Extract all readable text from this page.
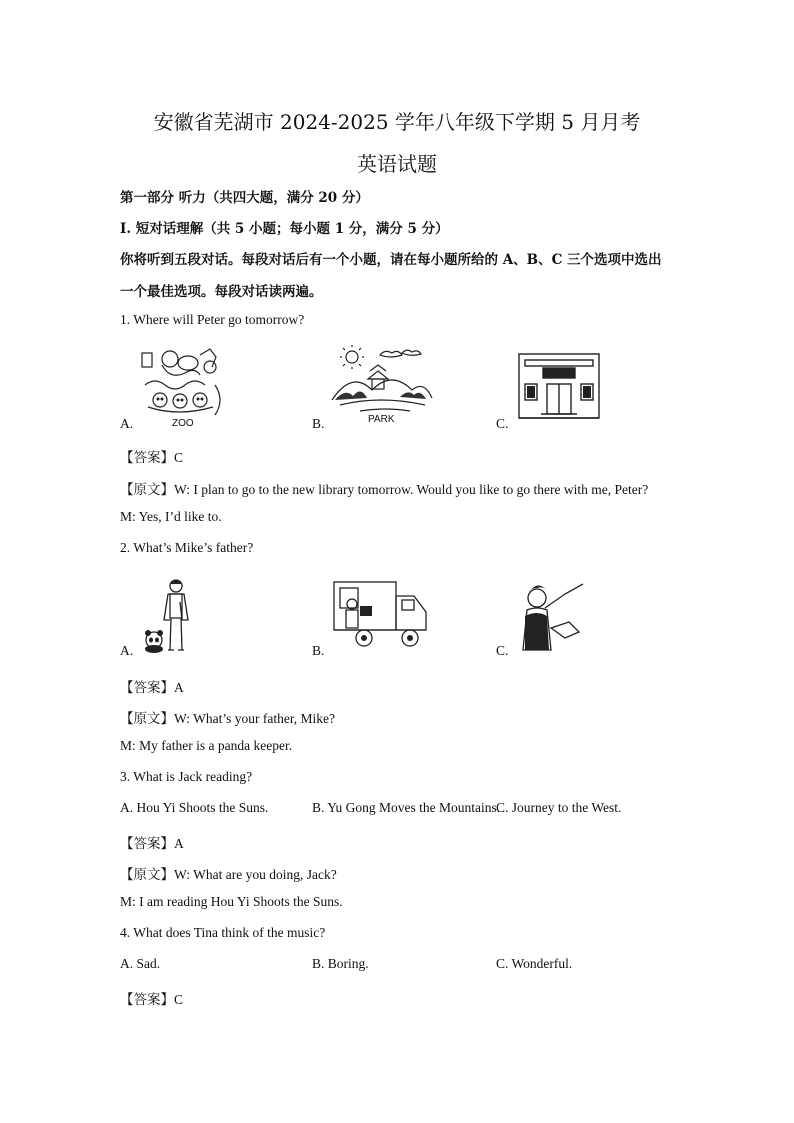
安徽省芜湖市 2024-2025 学年八年级下学期 5 月月考
英语试题
第一部分 听力（共四大题，满分 20 分）
I. 短对话理解（共 5 小题；每小题 1 分，满分 5 分）
你将听到五段对话。每段对话后有一个小题，请在每小题所给的 A、B、C 三个选项中选出
一个最佳选项。每段对话读两遍。
1. Where will Peter go tomorrow?
ZOO
A.	PARK
B.	C.
【答案】C
【原文】W: I plan to go to the new library tomorrow. Would you like to go there with me, Peter?
M: Yes, I’d like to.
2. What’s Mike’s father?
A.	B.	C.
【答案】A
【原文】W: What’s your father, Mike?
M: My father is a panda keeper.
3. What is Jack reading?
A. Hou Yi Shoots the Suns.	B. Yu Gong Moves the Mountains.
C. Journey to the West.
【答案】A
【原文】W: What are you doing, Jack?
M: I am reading Hou Yi Shoots the Suns.
4. What does Tina think of the music?
A. Sad.	B. Boring.	C. Wonderful.
【答案】C
